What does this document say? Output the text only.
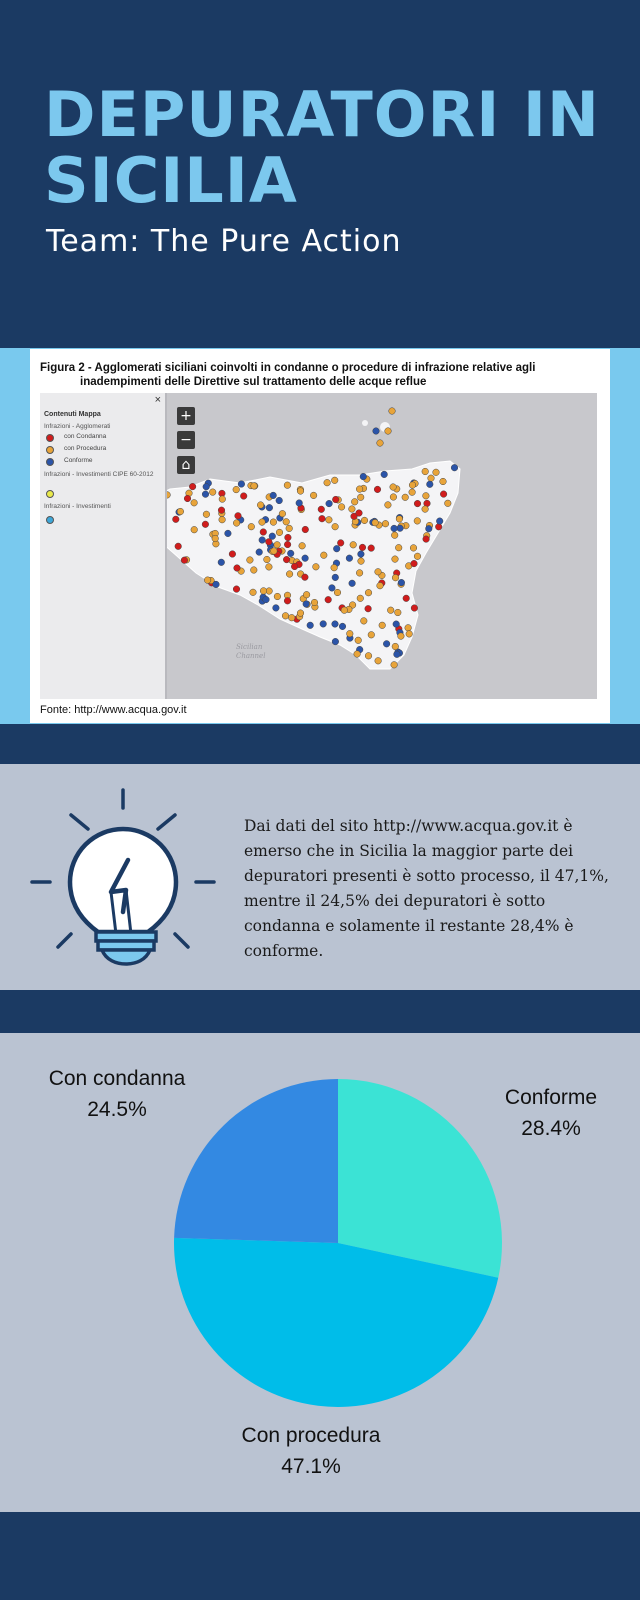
DEPURATORI IN SICILIA

Team: The Pure Action

Figura 2 - Agglomerati siciliani coinvolti in condanne o procedure di infrazione relative agli
inadempimenti delle Direttive sul trattamento delle acque reflue
×
Contenuti Mappa
Infrazioni - Agglomerati
con Condanna
con Procedura
Conforme
Infrazioni - Investimenti CIPE 60-2012
Infrazioni - Investimenti
+
−
⌂
Sicilian
Channel
Fonte: http://www.acqua.gov.it

Dai dati del sito http://www.acqua.gov.it è emerso che in Sicilia la maggior parte dei depuratori presenti è sotto processo, il 47,1%, mentre il 24,5% dei depuratori è sotto condanna e solamente il restante 28,4% è conforme.

Con condanna
24.5%
Conforme
28.4%
Con procedura
47.1%
